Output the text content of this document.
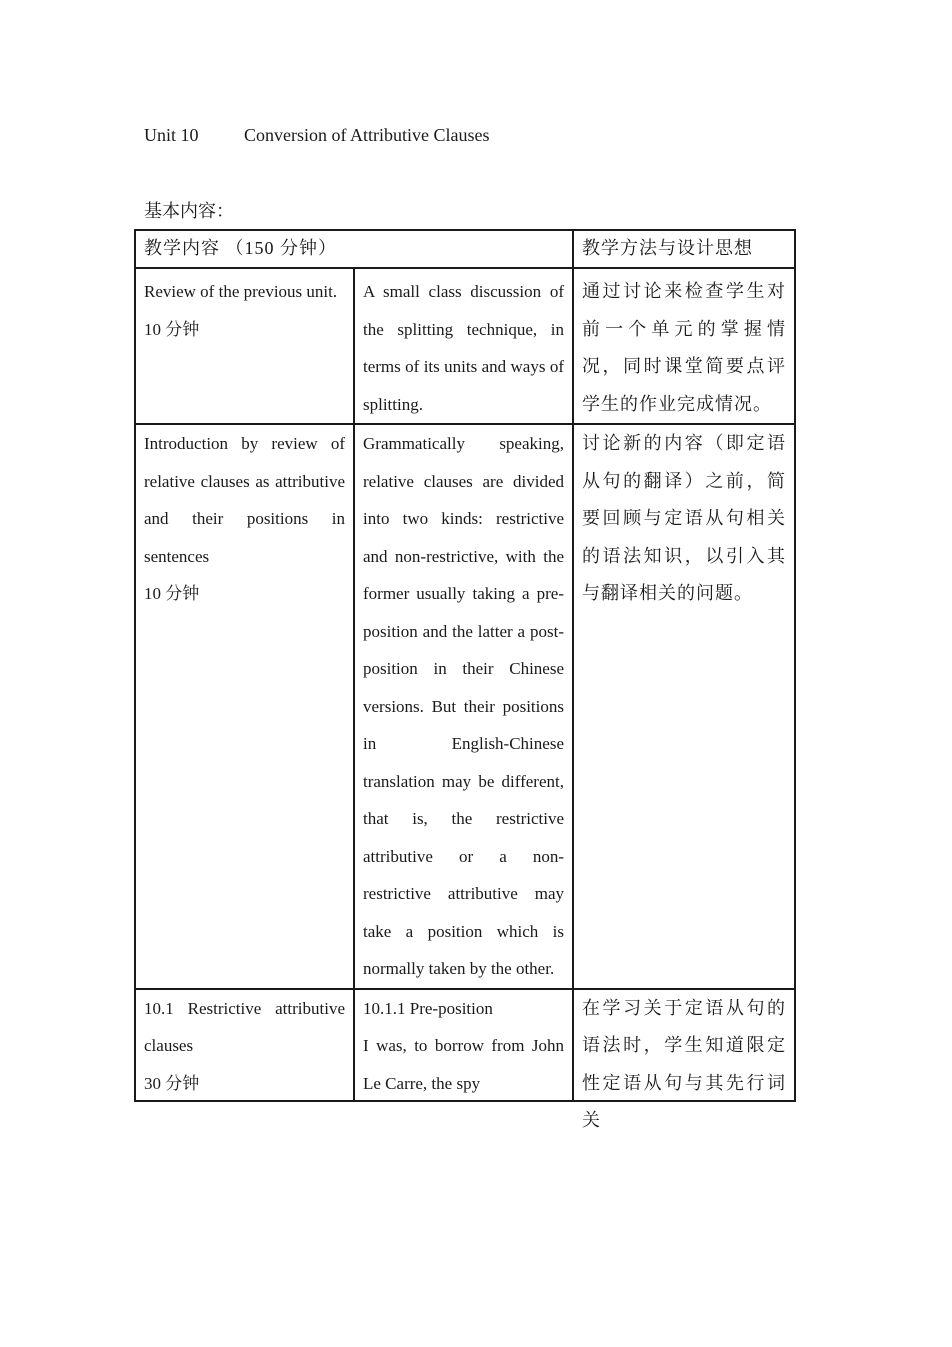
Unit 10	Conversion of Attributive Clauses
基本内容：
教学内容 （150 分钟）		教学方法与设计思想

Review of the previous unit.
10 分钟	A small class discussion of the splitting technique, in terms of its units and ways of splitting.	通过讨论来检查学生对前一个单元的掌握情况，同时课堂简要点评学生的作业完成情况。

Introduction by review of relative clauses as attributive and their positions in sentences
10 分钟	Grammatically speaking, relative clauses are divided into two kinds: restrictive and non-restrictive, with the former usually taking a pre-position and the latter a post-position in their Chinese versions. But their positions in English-Chinese translation may be different, that is, the restrictive attributive or a non-restrictive attributive may take a position which is normally taken by the other.	讨论新的内容（即定语从句的翻译）之前，简要回顾与定语从句相关的语法知识，以引入其与翻译相关的问题。

10.1 Restrictive attributive clauses
30 分钟	10.1.1 Pre-position
I was, to borrow from John Le Carre, the spy	在学习关于定语从句的语法时，学生知道限定性定语从句与其先行词关
